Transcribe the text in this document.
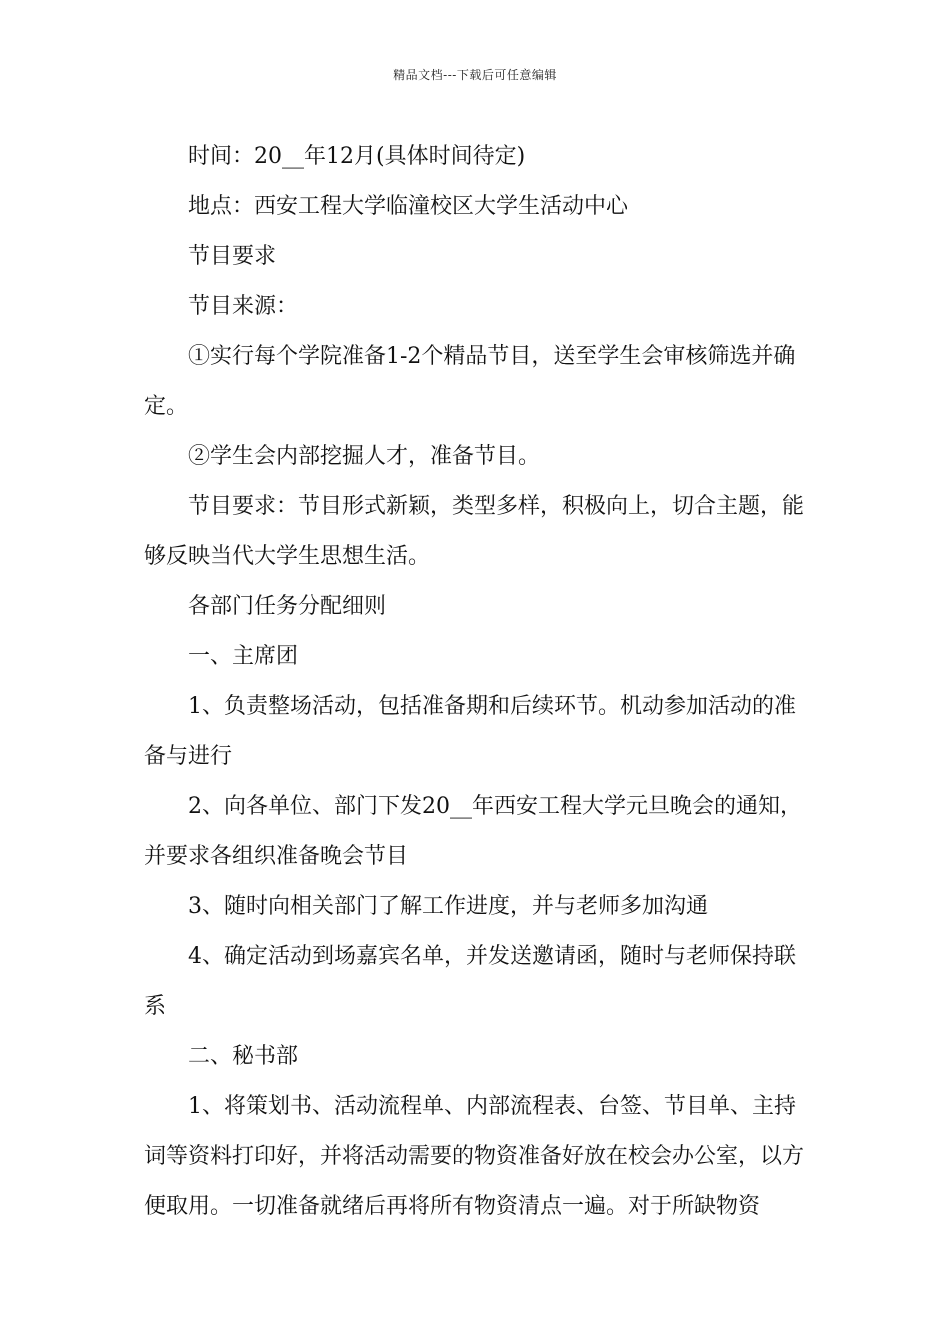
精品文档---下载后可任意编辑

时间：20__年12月(具体时间待定)

地点：西安工程大学临潼校区大学生活动中心

节目要求

节目来源：

①实行每个学院准备1-2个精品节目，送至学生会审核筛选并确定。

②学生会内部挖掘人才，准备节目。

节目要求：节目形式新颖，类型多样，积极向上，切合主题，能够反映当代大学生思想生活。

各部门任务分配细则

一、主席团

1、负责整场活动，包括准备期和后续环节。机动参加活动的准备与进行

2、向各单位、部门下发20__年西安工程大学元旦晚会的通知，并要求各组织准备晚会节目

3、随时向相关部门了解工作进度，并与老师多加沟通

4、确定活动到场嘉宾名单，并发送邀请函，随时与老师保持联系

二、秘书部

1、将策划书、活动流程单、内部流程表、台签、节目单、主持词等资料打印好，并将活动需要的物资准备好放在校会办公室，以方便取用。一切准备就绪后再将所有物资清点一遍。对于所缺物资
